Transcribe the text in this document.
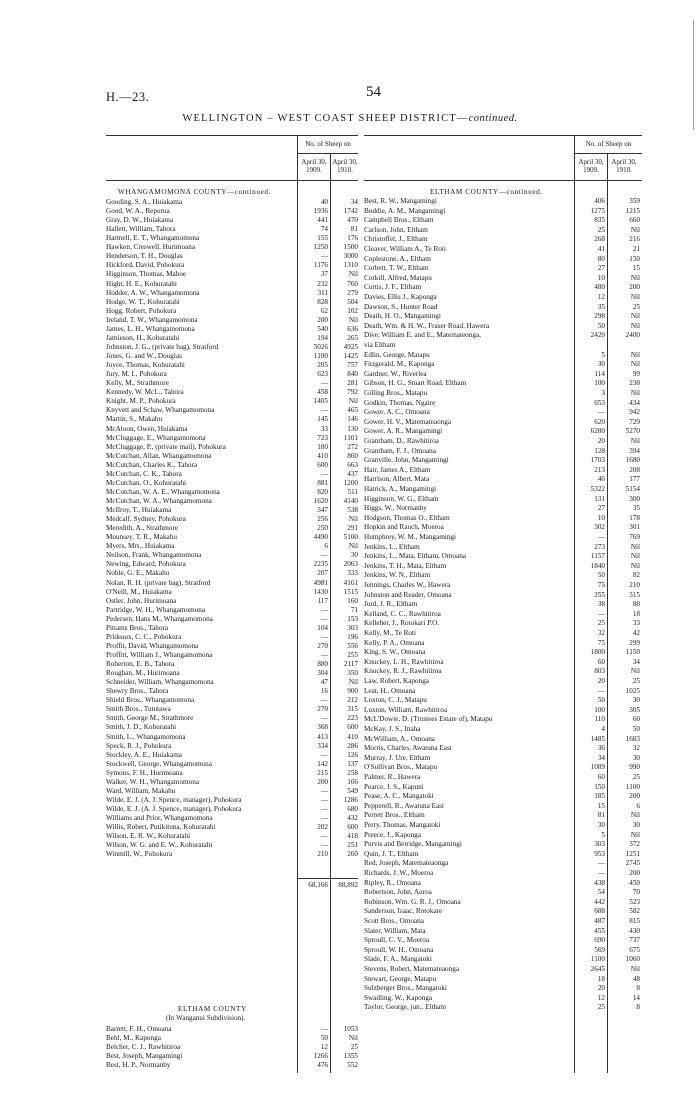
H.—23.	54
WELLINGTON – WEST COAST SHEEP DISTRICT—continued.
No. of Sheep on
April 30, 1909.
April 30, 1910.
WHANGAMOMONA COUNTY—continued.
Gooding, S. A., Huiakama	40	34
Good, W. A., Reporua	1936	1742
Gray, D. W., Huiakama	441	470
Hallett, William, Tahora	74	81
Hartnell, E. T., Whangamomona	155	176
Hawken, Creswell, Hurimoana	1250	1500
Henderson, T. H., Douglas	—	3000
Hickford, David, Pohokura	1176	1310
Higginson, Thomas, Mahoe	37	Nil
Hight, H. E., Kohuratahi	232	760
Hodder, A. W., Whangamomona	311	279
Hodge, W. T., Kohuratahi	828	504
Hogg, Robert, Pohokura	62	102
Ireland, T. W., Whangamomona	200	Nil
James, L. H., Whangamomona	540	636
Jamieson, H., Kohuratahi	194	265
Johnston, J. G., (private bag), Stratford	5026	4925
Jones, G. and W., Douglas	1100	1425
Joyce, Thomas, Kohuratahi	205	757
Jury, M. I., Pohokura	623	840
Kelly, M., Strathmore	—	281
Kennedy, W. McL., Tahora	458	792
Knight, M. P., Pohokura	1405	Nil
Knyvett and Schaw, Whangamomona	—	465
Martin, S., Makahu	145	146
McAloon, Owen, Huiakama	33	130
McCluggage, E., Whangamomona	723	1101
McCluggage, P., (private mail), Pohokura	180	272
McCutchan, Allan, Whangamomona	410	860
McCutchan, Charles K., Tahora	600	663
McCutchan, C. K., Tahora	—	437
McCutchan, O., Kohuratahi	881	1200
McCutchan, W. A. E., Whangamomona	820	511
McCutchan, W. A., Whangamomona	1620	4140
McIlroy, T., Huiakama	347	538
Medcalf, Sydney, Pohokura	256	Nil
Meredith, A., Strathmore	250	291
Mounsey, T. R., Makahu	4490	5100
Myers, Mrs., Huiakama	6	Nil
Neilson, Frank, Whangamomona	—	30
Newing, Edward, Pohokura	2235	2063
Noble, G. E., Makahu	207	333
Nolan, R. H. (private bag), Stratford	4981	4161
O'Neill, M., Huiakama	1430	1515
Ostler, John, Hurimoana	117	160
Partridge, W. H., Whangamomona	—	71
Pedersen, Hans M., Whangamomona	—	153
Pittams Bros., Tahora	104	303
Prideaux, C. C., Pohokura	—	196
Proffit, David, Whangamomona	270	556
Proffitt, William J., Whangamomona	—	255
Roberton, E. B., Tahora	880	2117
Roughan, M., Hurimoana	304	350
Schneider, William, Whangamomona	47	Nil
Shewry Bros., Tahora	16	900
Shield Bros., Whangamomona	—	212
Smith Bros., Tututawa	270	315
Smith, George M., Strathmore	—	223
Smith, J. D., Kohuratahi	368	600
Smith, L., Whangamomona	413	410
Speck, R. J., Pohokura	334	286
Stockley, A. E., Huiakama	—	126
Stockwell, George, Whangamomona	142	137
Symons, F. H., Hurimoana	215	258
Walker, W. H., Whangamomona	200	166
Ward, William, Makahu	—	549
Wilde, E. J. (A. J. Spence, manager), Pohokura	—	1286
Wilde, E. J. (A. J. Spence, manager), Pohokura	—	680
Williams and Prior, Whangamomona	—	432
Willis, Robert, Putikituna, Kohuratahi	202	600
Wilson, E. R. W., Kohuratahi	—	418
Wilson, W. G. and E. W., Kohuratahi	—	251
Winmill, W., Pohokura	210	260
68,166	88,892
ELTHAM COUNTY
(In Wanganui Subdivision).
Barrett, F. H., Omoana	—	1053
Behl, M., Kaponga	50	Nil
Belcher, C. J., Rawhitiroa	12	25
Best, Joseph, Mangamingi	1266	1355
Best, H. P., Normanby	476	552
No. of Sheep on
April 30, 1909.
April 30, 1910.
ELTHAM COUNTY—continued.
Best, R. W., Mangamingi	406	359
Boddie, A. M., Mangamingi	1275	1215
Campbell Bros., Eltham	835	660
Carlson, John, Eltham	25	Nil
Christoffel, J., Eltham	268	216
Cleaver, William A., Te Roti	41	21
Coplestone, A., Eltham	80	150
Corbett, T. W., Eltham	27	15
Corkill, Alfred, Matapu	10	Nil
Curtis, J. F., Eltham	480	200
Davies, Ellis J., Kaponga	12	Nil
Dawson, S., Hunter Road	35	25
Death, H. O., Mangamingi	298	Nil
Death, Wm. & H. W., Fraser Road, Hawera	50	Nil
Dive, William E. and E., Matemateonga,	2420	2400
via Eltham
Edlin, George, Matapu	5	Nil
Fitzgerald, M., Kaponga	30	Nil
Gardner, W., Riverlea	114	99
Gibson, H. G., Stuart Road, Eltham	100	238
Gilling Bros., Matapu	3	Nil
Godkin, Thomas, Ngaire	653	434
Gower, A. C., Omoana	—	942
Gower, H. V., Matemateaonga	620	729
Gower, A. R., Mangamingi	6280	5270
Grantham, D., Rawhitiroa	20	Nil
Grantham, F. J., Omoana	128	394
Granville, John, Mangamingi	1703	1680
Hair, James A., Eltham	213	208
Harrison, Albert, Mata	46	177
Hatrick, A., Mangamingi	5322	5154
Higginson, W. G., Eltham	131	300
Higgs, W., Normanby	27	35
Hodgson, Thomas O., Eltham	10	178
Hopkin and Rauch, Moeroa	302	301
Humphrey, W. M., Mangamingi	—	769
Jenkins, L., Eltham	273	Nil
Jenkins, L., Mata, Eltham, Omoana	1157	Nil
Jenkins, T. H., Mata, Eltham	1840	Nil
Jenkins, W. N., Eltham	50	82
Jennings, Charles W., Hawera	75	210
Johnston and Reader, Omoana	255	315
Jurd, J. R., Eltham	38	88
Kelland, C. C., Rawhitiroa	—	18
Kelleher, J., Rotokari P.O.	25	33
Kelly, M., Te Roti	32	42
Kelly, P. A., Omoana	75	299
King, S. W., Omoana	1800	1150
Knuckey, L. H., Rawhitiroa	60	34
Knuckey, R. J., Rawhitiroa	803	Nil
Law, Robert, Kaponga	20	25
Leat, H., Omoana	—	1025
Luxton, C. J., Matapu	50	30
Luxton, William, Rawhitiroa	100	305
McL'Dowie, D. (Trustees Estate of), Matapu	110	60
McKay, J. S., Inaha	4	50
McWilliam, A., Omoana	1485	1683
Morris, Charles, Awatuna East	36	32
Murray, J. Ure, Eltham	34	30
O'Sullivan Bros., Matapu	1089	990
Palmer, R., Hawera	60	25
Pearce, J. S., Kapuni	150	1100
Pease, A. C., Mangatoki	185	200
Pepperell, R., Awatuna East	15	6
Perrett Bros., Eltham	81	Nil
Perry, Thomas, Mangatoki	30	30
Preece, J., Kaponga	5	Nil
Purvis and Berridge, Mangamingi	303	372
Quin, J. T., Eltham	953	1251
Red, Joseph, Matemateaonga	—	2745
Richards, J. W., Moeroa	—	200
Ripley, R., Omoana	438	450
Robertson, John, Auroa	54	70
Robinson, Wm. G. R. J., Omoana	442	523
Sanderson, Isaac, Rotokare	688	582
Scott Bros., Omoana	487	815
Slater, William, Mata	455	430
Sproull, C. V., Moeroa	690	737
Sproull, W. H., Omoana	569	675
Slade, F. A., Mangatoki	1100	1060
Stevens, Robert, Matemateaonga	2645	Nil
Stewart, George, Matapu	18	48
Sulzberger Bros., Mangatoki	20	8
Swadling, W., Kaponga	12	14
Taylor, George, jun., Eltham	25	8
